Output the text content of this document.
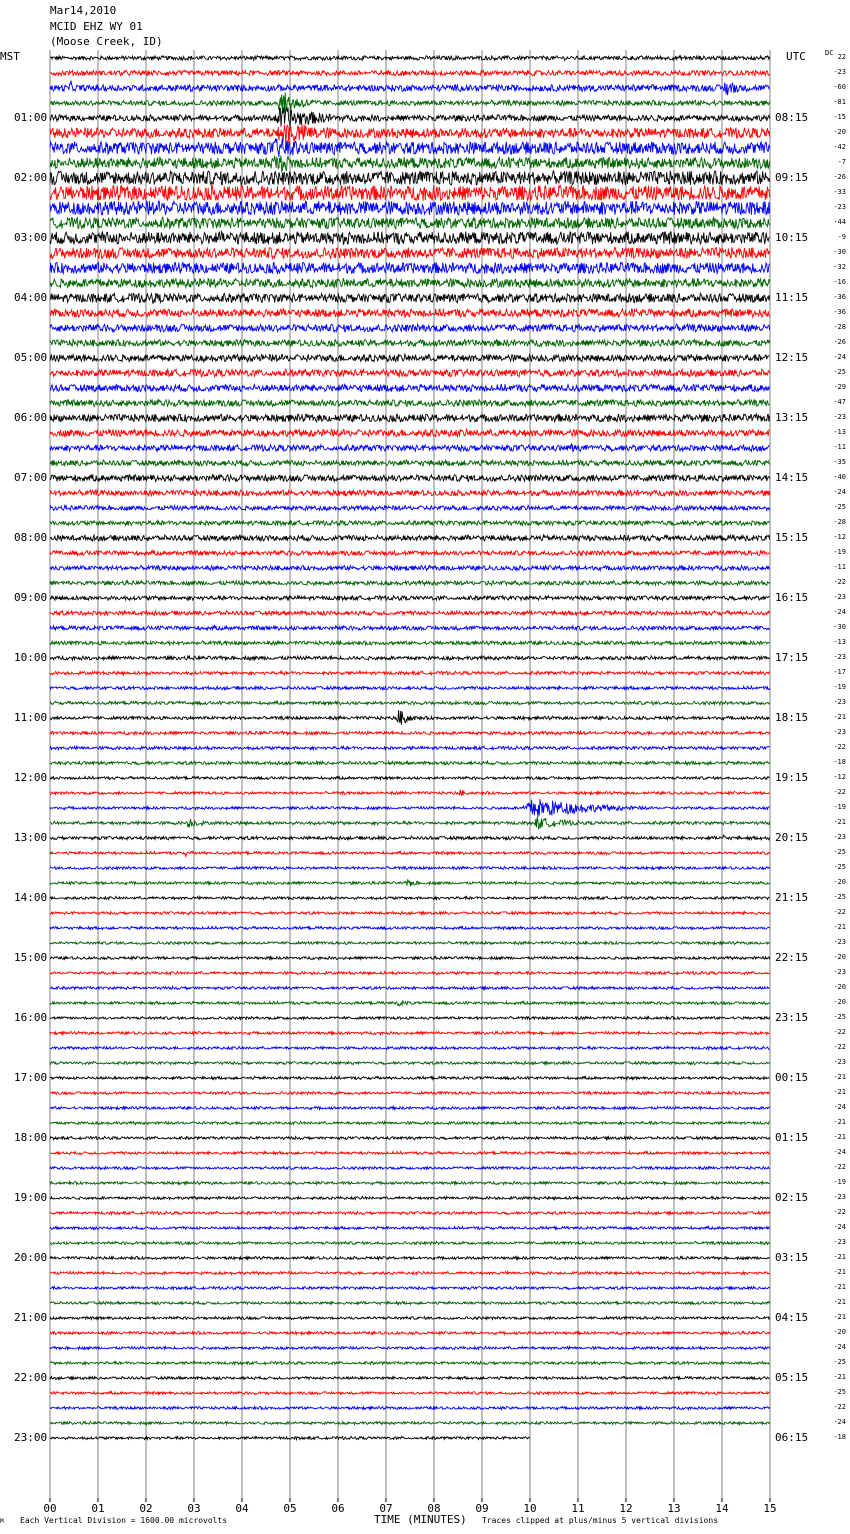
00	01	02	03	04	05	06	07	08	09	10	11	12	13	14	15
Mar14,2010
MCID EHZ WY 01
(Moose Creek, ID)
MST	UTC	DC
01:00
02:00
03:00
04:00
05:00
06:00
07:00
08:00
09:00
10:00
11:00
12:00
13:00
14:00
15:00
16:00
17:00
18:00
19:00
20:00
21:00
22:00
23:00
08:15
09:15
10:15
11:15
12:15
13:15
14:15
15:15
16:15
17:15
18:15
19:15
20:15
21:15
22:15
23:15
00:15
01:15
02:15
03:15
04:15
05:15
06:15
22
-23
-60
-81
-15
-20
-42
-7
-26
-33
-23
-44
-9
-30
-32
-16
-36
-36
-28
-26
-24
-25
-29
-47
-23
-13
-11
-35
-40
-24
-25
-28
-12
-19
-11
-22
-23
-24
-30
-13
-23
-17
-19
-23
-21
-23
-22
-18
-12
-22
-19
-21
-23
-25
-25
-20
-25
-22
-21
-23
-20
-23
-20
-20
-25
-22
-22
-23
-21
-21
-24
-21
-21
-24
-22
-19
-23
-22
-24
-23
-21
-21
-21
-21
-21
-20
-24
-25
-21
-25
-22
-24
-18
M Each Vertical Division = 1600.00 microvolts	TIME (MINUTES) Traces clipped at plus/minus 5 vertical divisions
